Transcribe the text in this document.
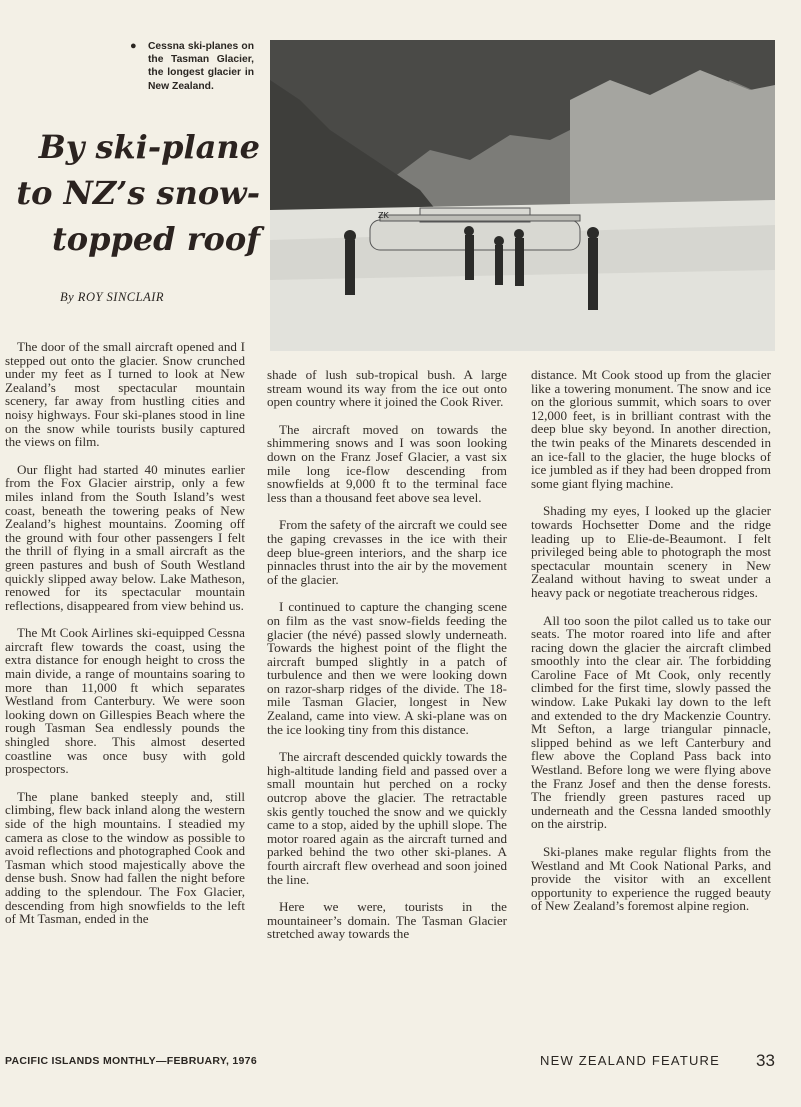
● Cessna ski-planes on the Tasman Glacier, the longest glacier in New Zealand.
ZK
By ski-plane to NZ’s snow-topped roof
By ROY SINCLAIR

The door of the small aircraft opened and I stepped out onto the glacier. Snow crunched under my feet as I turned to look at New Zealand’s most spectacular mountain scenery, far away from hustling cities and noisy highways. Four ski-planes stood in line on the snow while tourists busily captured the views on film.

Our flight had started 40 minutes earlier from the Fox Glacier airstrip, only a few miles inland from the South Island’s west coast, beneath the towering peaks of New Zealand’s highest mountains. Zooming off the ground with four other passengers I felt the thrill of flying in a small aircraft as the green pastures and bush of South Westland quickly slipped away below. Lake Matheson, renowed for its spectacular mountain reflections, disappeared from view behind us.

The Mt Cook Airlines ski-equipped Cessna aircraft flew towards the coast, using the extra distance for enough height to cross the main divide, a range of mountains soaring to more than 11,000 ft which separates Westland from Canterbury. We were soon looking down on Gillespies Beach where the rough Tasman Sea endlessly pounds the shingled shore. This almost deserted coastline was once busy with gold prospectors.

The plane banked steeply and, still climbing, flew back inland along the western side of the high mountains. I steadied my camera as close to the window as possible to avoid reflections and photographed Cook and Tasman which stood majestically above the dense bush. Snow had fallen the night before adding to the splendour. The Fox Glacier, descending from high snowfields to the left of Mt Tasman, ended in the

shade of lush sub-tropical bush. A large stream wound its way from the ice out onto open country where it joined the Cook River.

The aircraft moved on towards the shimmering snows and I was soon looking down on the Franz Josef Glacier, a vast six mile long ice-flow descending from snowfields at 9,000 ft to the terminal face less than a thousand feet above sea level.

From the safety of the aircraft we could see the gaping crevasses in the ice with their deep blue-green interiors, and the sharp ice pinnacles thrust into the air by the movement of the glacier.

I continued to capture the changing scene on film as the vast snow-fields feeding the glacier (the névé) passed slowly underneath. Towards the highest point of the flight the aircraft bumped slightly in a patch of turbulence and then we were looking down on razor-sharp ridges of the divide. The 18-mile Tasman Glacier, longest in New Zealand, came into view. A ski-plane was on the ice looking tiny from this distance.

The aircraft descended quickly towards the high-altitude landing field and passed over a small mountain hut perched on a rocky outcrop above the glacier. The retractable skis gently touched the snow and we quickly came to a stop, aided by the uphill slope. The motor roared again as the aircraft turned and parked behind the two other ski-planes. A fourth aircraft flew overhead and soon joined the line.

Here we were, tourists in the mountaineer’s domain. The Tasman Glacier stretched away towards the

distance. Mt Cook stood up from the glacier like a towering monument. The snow and ice on the glorious summit, which soars to over 12,000 feet, is in brilliant contrast with the deep blue sky beyond. In another direction, the twin peaks of the Minarets descended in an ice-fall to the glacier, the huge blocks of ice jumbled as if they had been dropped from some giant flying machine.

Shading my eyes, I looked up the glacier towards Hochsetter Dome and the ridge leading up to Elie-de-Beaumont. I felt privileged being able to photograph the most spectacular mountain scenery in New Zealand without having to sweat under a heavy pack or negotiate treacherous ridges.

All too soon the pilot called us to take our seats. The motor roared into life and after racing down the glacier the aircraft climbed smoothly into the clear air. The forbidding Caroline Face of Mt Cook, only recently climbed for the first time, slowly passed the window. Lake Pukaki lay down to the left and extended to the dry Mackenzie Country. Mt Sefton, a large triangular pinnacle, slipped behind as we left Canterbury and flew above the Copland Pass back into Westland. Before long we were flying above the Franz Josef and then the dense forests. The friendly green pastures raced up underneath and the Cessna landed smoothly on the airstrip.

Ski-planes make regular flights from the Westland and Mt Cook National Parks, and provide the visitor with an excellent opportunity to experience the rugged beauty of New Zealand’s foremost alpine region.

PACIFIC ISLANDS MONTHLY—FEBRUARY, 1976	NEW ZEALAND FEATURE 33
